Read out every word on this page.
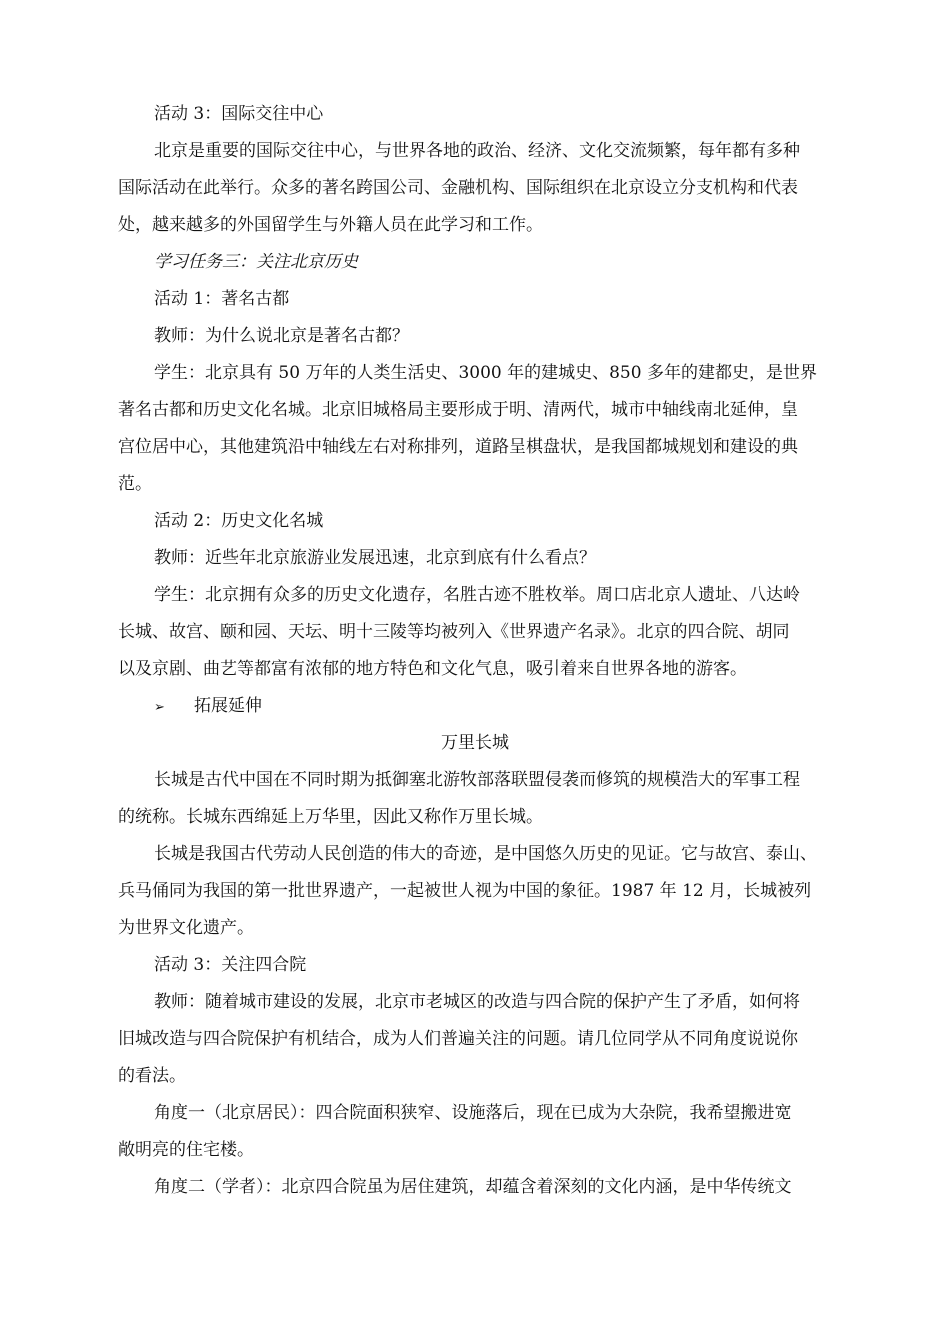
活动 3：国际交往中心
北京是重要的国际交往中心，与世界各地的政治、经济、文化交流频繁，每年都有多种
国际活动在此举行。众多的著名跨国公司、金融机构、国际组织在北京设立分支机构和代表
处，越来越多的外国留学生与外籍人员在此学习和工作。
学习任务三：关注北京历史
活动 1：著名古都
教师：为什么说北京是著名古都？
学生：北京具有 50 万年的人类生活史、3000 年的建城史、850 多年的建都史，是世界
著名古都和历史文化名城。北京旧城格局主要形成于明、清两代，城市中轴线南北延伸，皇
宫位居中心，其他建筑沿中轴线左右对称排列，道路呈棋盘状，是我国都城规划和建设的典
范。
活动 2：历史文化名城
教师：近些年北京旅游业发展迅速，北京到底有什么看点？
学生：北京拥有众多的历史文化遗存，名胜古迹不胜枚举。周口店北京人遗址、八达岭
长城、故宫、颐和园、天坛、明十三陵等均被列入《世界遗产名录》。北京的四合院、胡同
以及京剧、曲艺等都富有浓郁的地方特色和文化气息，吸引着来自世界各地的游客。
➢ 拓展延伸
万里长城
长城是古代中国在不同时期为抵御塞北游牧部落联盟侵袭而修筑的规模浩大的军事工程
的统称。长城东西绵延上万华里，因此又称作万里长城。
长城是我国古代劳动人民创造的伟大的奇迹，是中国悠久历史的见证。它与故宫、泰山、
兵马俑同为我国的第一批世界遗产，一起被世人视为中国的象征。1987 年 12 月，长城被列
为世界文化遗产。
活动 3：关注四合院
教师：随着城市建设的发展，北京市老城区的改造与四合院的保护产生了矛盾，如何将
旧城改造与四合院保护有机结合，成为人们普遍关注的问题。请几位同学从不同角度说说你
的看法。
角度一（北京居民）：四合院面积狭窄、设施落后，现在已成为大杂院，我希望搬进宽
敞明亮的住宅楼。
角度二（学者）：北京四合院虽为居住建筑，却蕴含着深刻的文化内涵，是中华传统文
